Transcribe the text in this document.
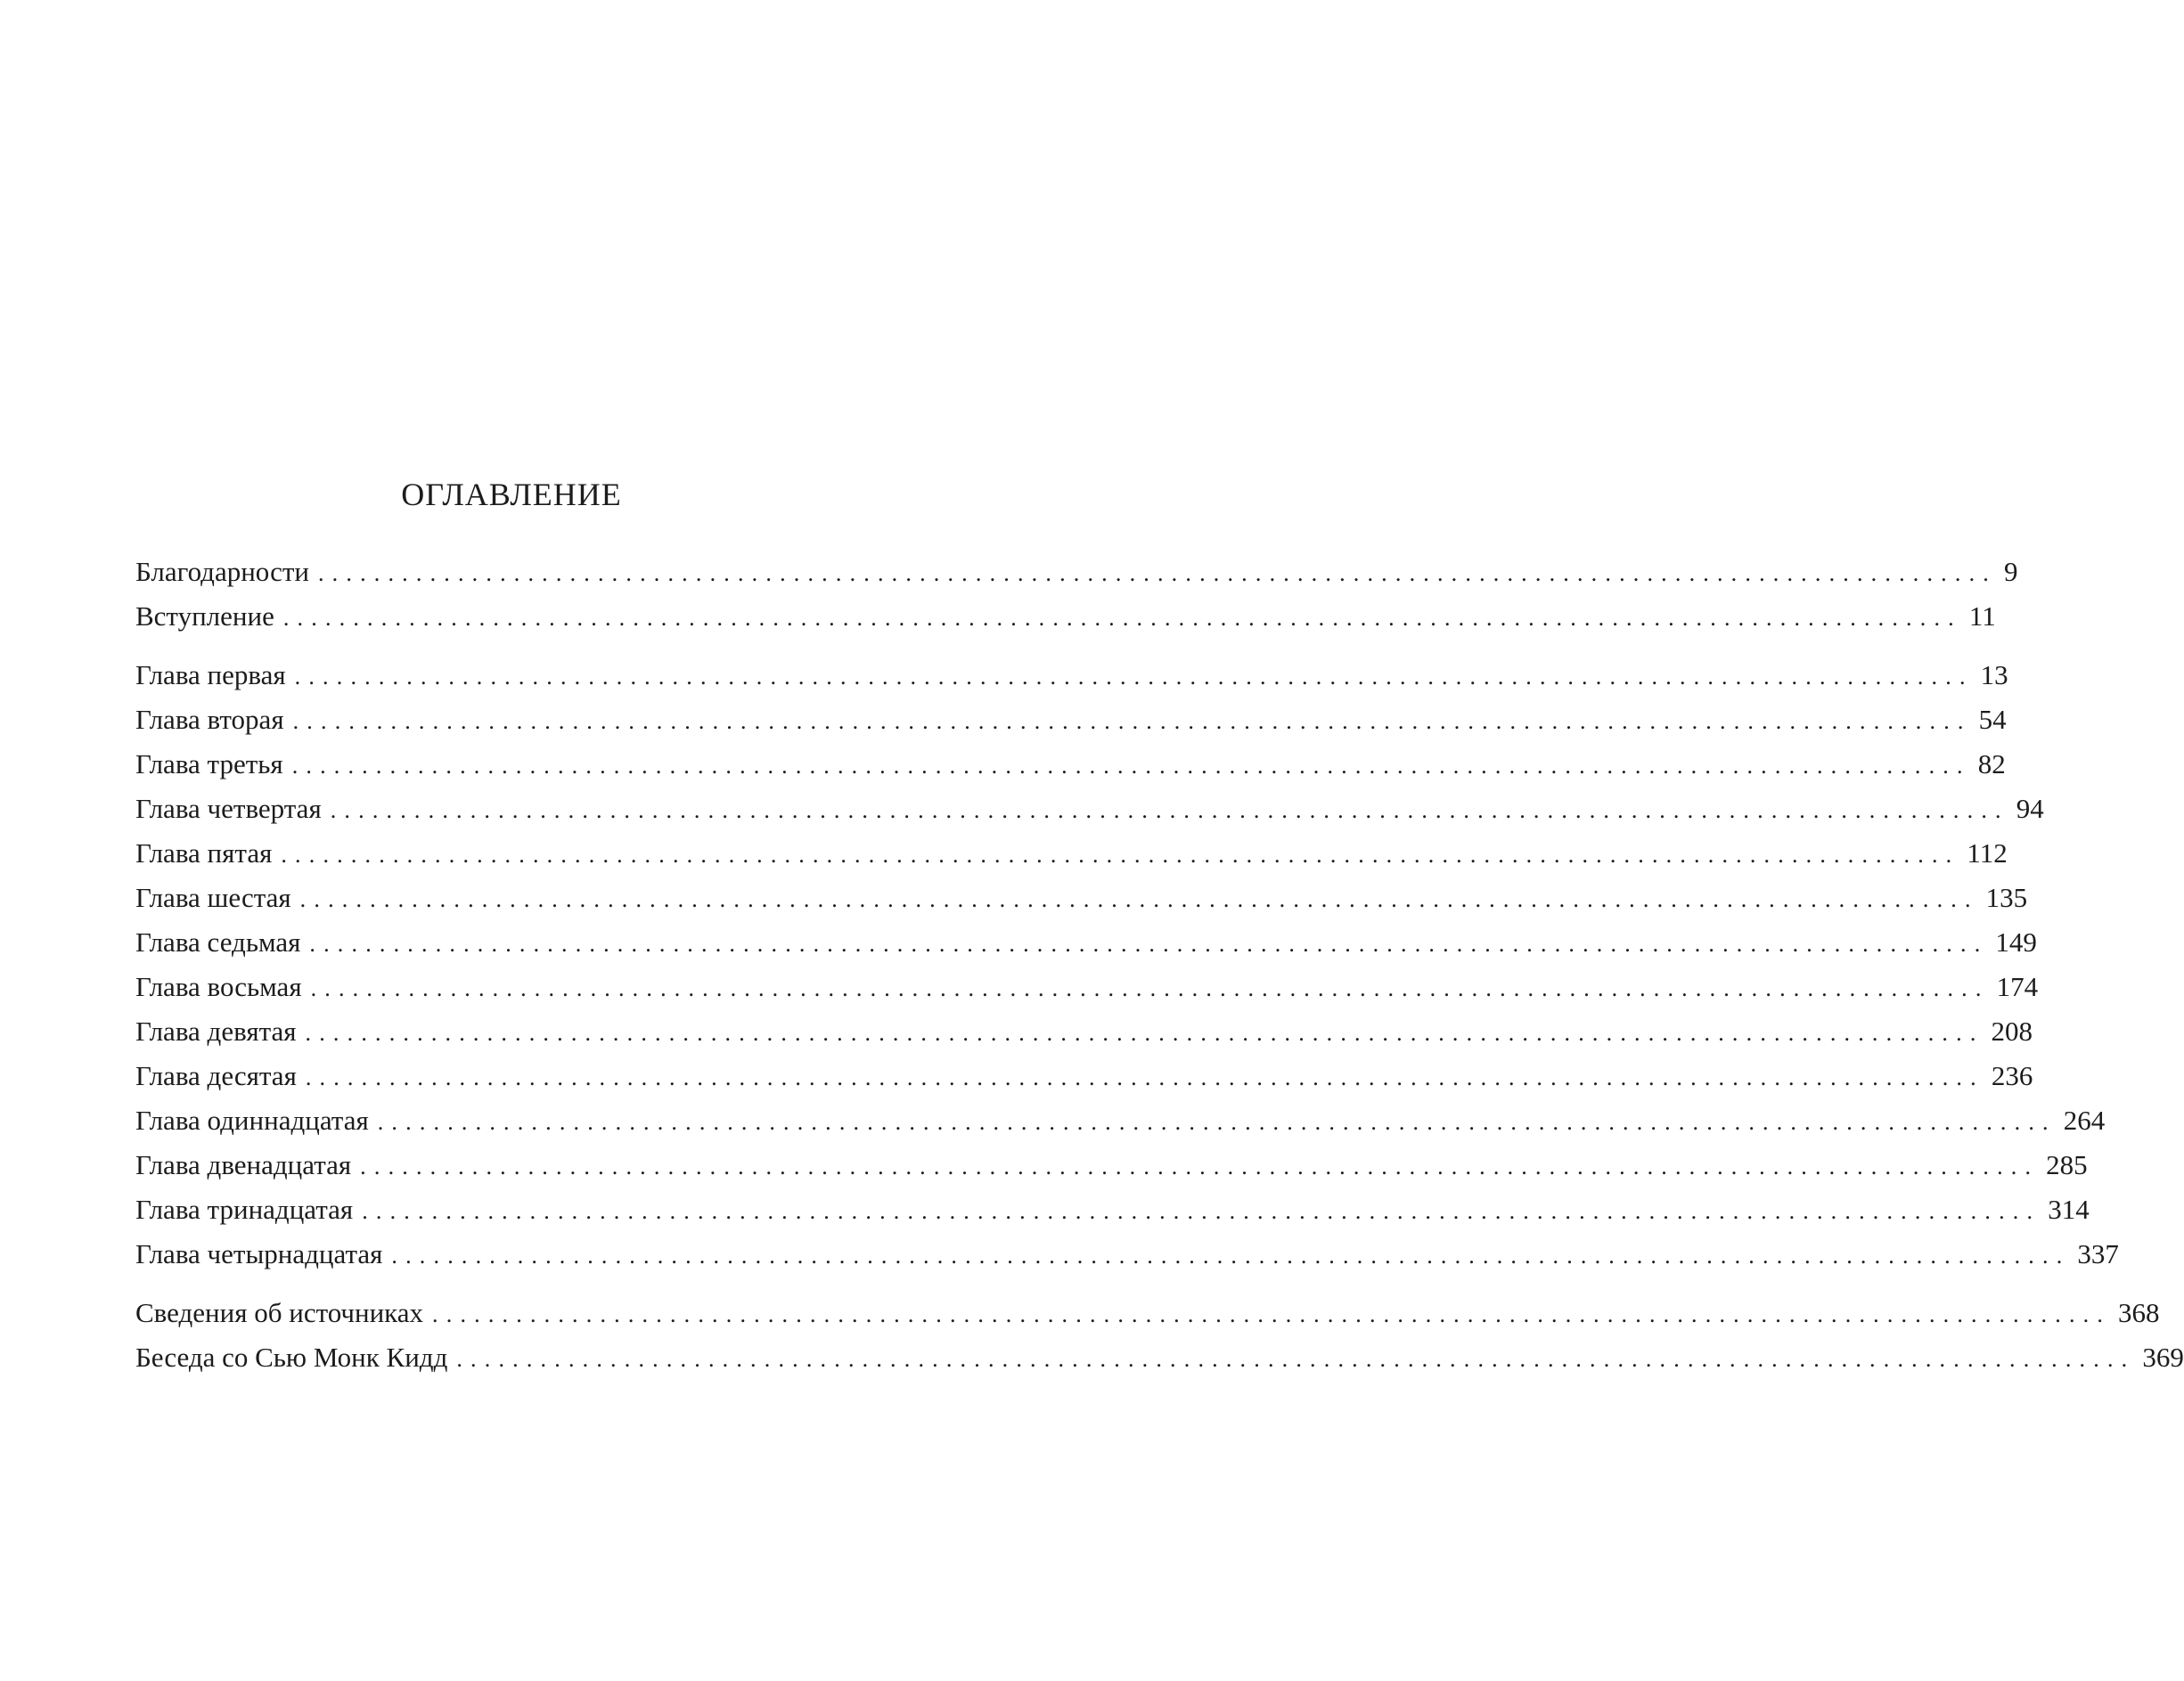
ОГЛАВЛЕНИЕ
Благодарности ........................................................................................................................ 9
Вступление ........................................................................................................................ 11
Глава первая ........................................................................................................................ 13
Глава вторая ........................................................................................................................ 54
Глава третья ........................................................................................................................ 82
Глава четвертая ........................................................................................................................ 94
Глава пятая ........................................................................................................................ 112
Глава шестая ........................................................................................................................ 135
Глава седьмая ........................................................................................................................ 149
Глава восьмая ........................................................................................................................ 174
Глава девятая ........................................................................................................................ 208
Глава десятая ........................................................................................................................ 236
Глава одиннадцатая ........................................................................................................................ 264
Глава двенадцатая ........................................................................................................................ 285
Глава тринадцатая ........................................................................................................................ 314
Глава четырнадцатая ........................................................................................................................ 337
Сведения об источниках ........................................................................................................................ 368
Беседа со Сью Монк Кидд ........................................................................................................................ 369
